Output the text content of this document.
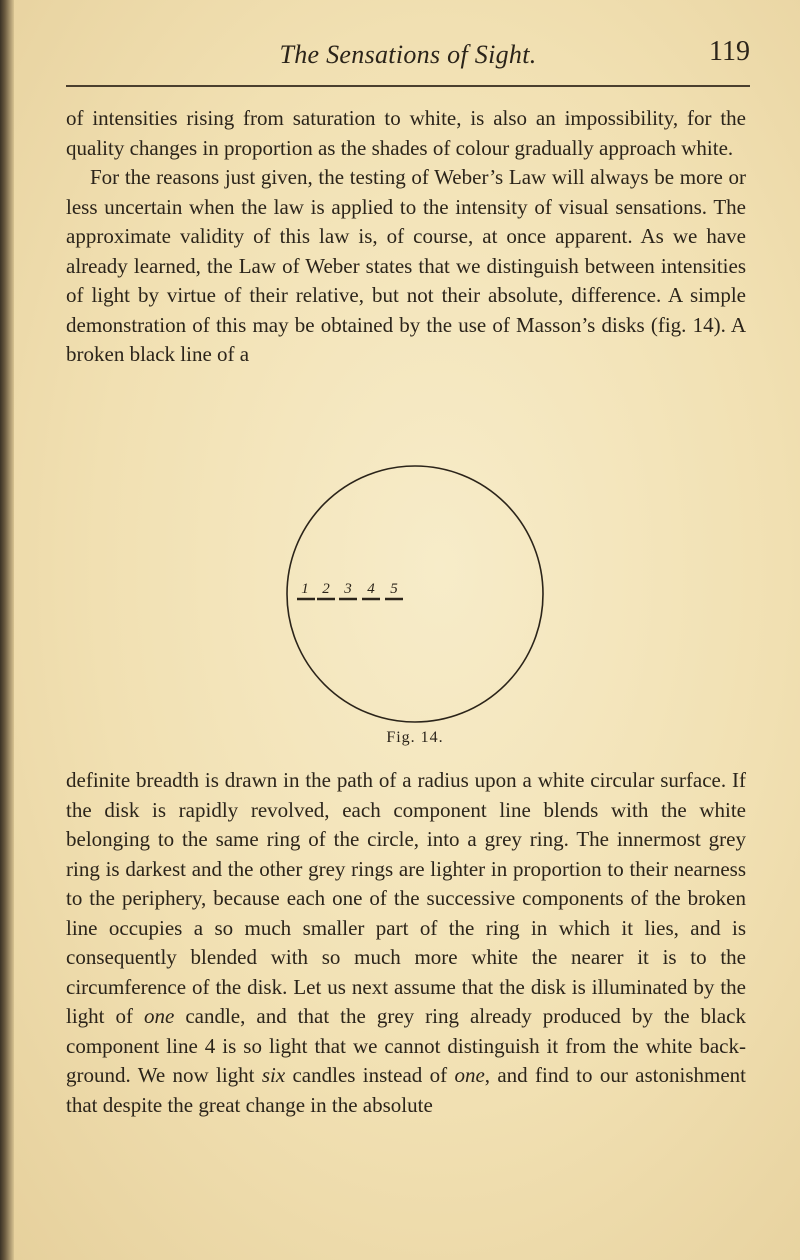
The Sensations of Sight.	119

of intensities rising from saturation to white, is also an impossibility, for the quality changes in proportion as the shades of colour gradually approach white.

For the reasons just given, the testing of Weber’s Law will always be more or less uncertain when the law is applied to the intensity of visual sensations. The approximate validity of this law is, of course, at once apparent. As we have already learned, the Law of Weber states that we distinguish between intensities of light by virtue of their relative, but not their absolute, difference. A simple demonstration of this may be obtained by the use of Masson’s disks (fig. 14). A broken black line of a

1 2 3 4 5
Fig. 14.

definite breadth is drawn in the path of a radius upon a white circular surface. If the disk is rapidly revolved, each component line blends with the white belonging to the same ring of the circle, into a grey ring. The innermost grey ring is darkest and the other grey rings are lighter in proportion to their nearness to the periphery, because each one of the successive components of the broken line occupies a so much smaller part of the ring in which it lies, and is consequently blended with so much more white the nearer it is to the circumference of the disk. Let us next assume that the disk is illuminated by the light of one candle, and that the grey ring already produced by the black component line 4 is so light that we cannot distinguish it from the white back-ground. We now light six candles instead of one, and find to our astonishment that despite the great change in the absolute
